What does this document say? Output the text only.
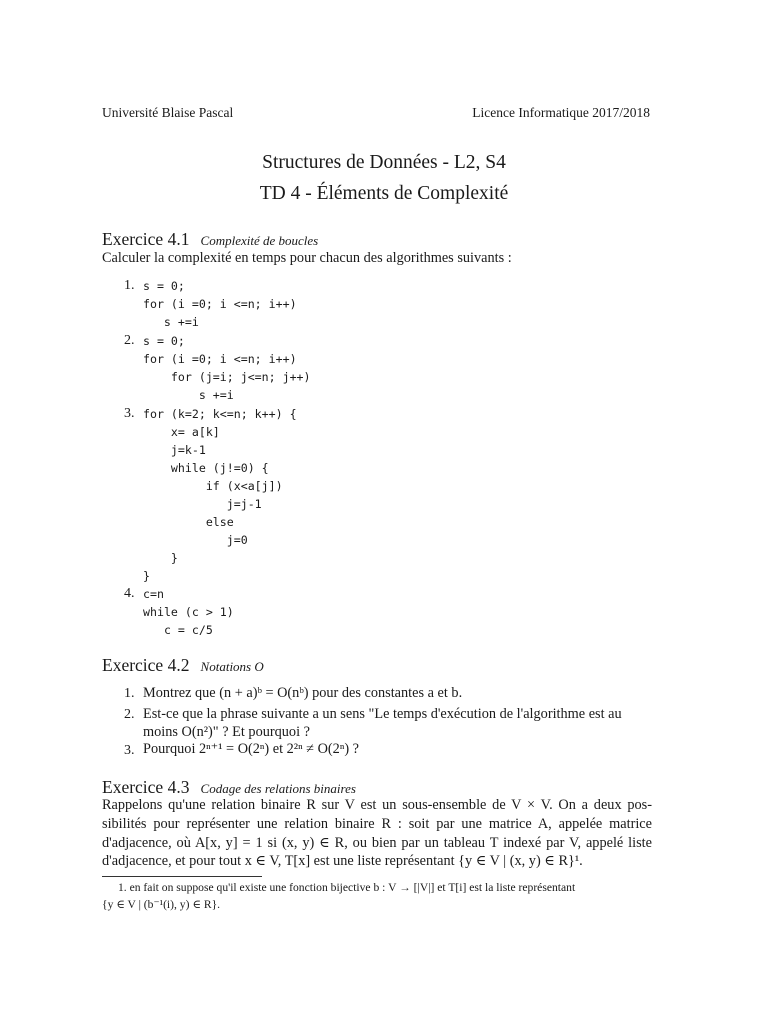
Université Blaise Pascal	Licence Informatique 2017/2018
Structures de Données - L2, S4
TD 4 - Éléments de Complexité
Exercice 4.1 Complexité de boucles
Calculer la complexité en temps pour chacun des algorithmes suivants :
1. s = 0;
for (i =0; i <=n; i++)
s +=i
2. s = 0;
for (i =0; i <=n; i++)
for (j=i; j<=n; j++)
s +=i
3. for (k=2; k<=n; k++) {
x= a[k]
j=k-1
while (j!=0) {
if (x<a[j])
j=j-1
else
j=0
}
}
4. c=n
while (c > 1)
c = c/5
Exercice 4.2 Notations O
1. Montrez que (n + a)ᵇ = O(nᵇ) pour des constantes a et b.
2. Est-ce que la phrase suivante a un sens "Le temps d'exécution de l'algorithme est au
moins O(n²)" ? Et pourquoi ?
3. Pourquoi 2ⁿ⁺¹ = O(2ⁿ) et 2²ⁿ ≠ O(2ⁿ) ?
Exercice 4.3 Codage des relations binaires
Rappelons qu'une relation binaire R sur V est un sous-ensemble de V × V. On a deux pos-
sibilités pour représenter une relation binaire R : soit par une matrice A, appelée matrice
d'adjacence, où A[x, y] = 1 si (x, y) ∈ R, ou bien par un tableau T indexé par V, appelé liste
d'adjacence, et pour tout x ∈ V, T[x] est une liste représentant {y ∈ V | (x, y) ∈ R}¹.
1. en fait on suppose qu'il existe une fonction bijective b : V → [|V|] et T[i] est la liste représentant
{y ∈ V | (b⁻¹(i), y) ∈ R}.
